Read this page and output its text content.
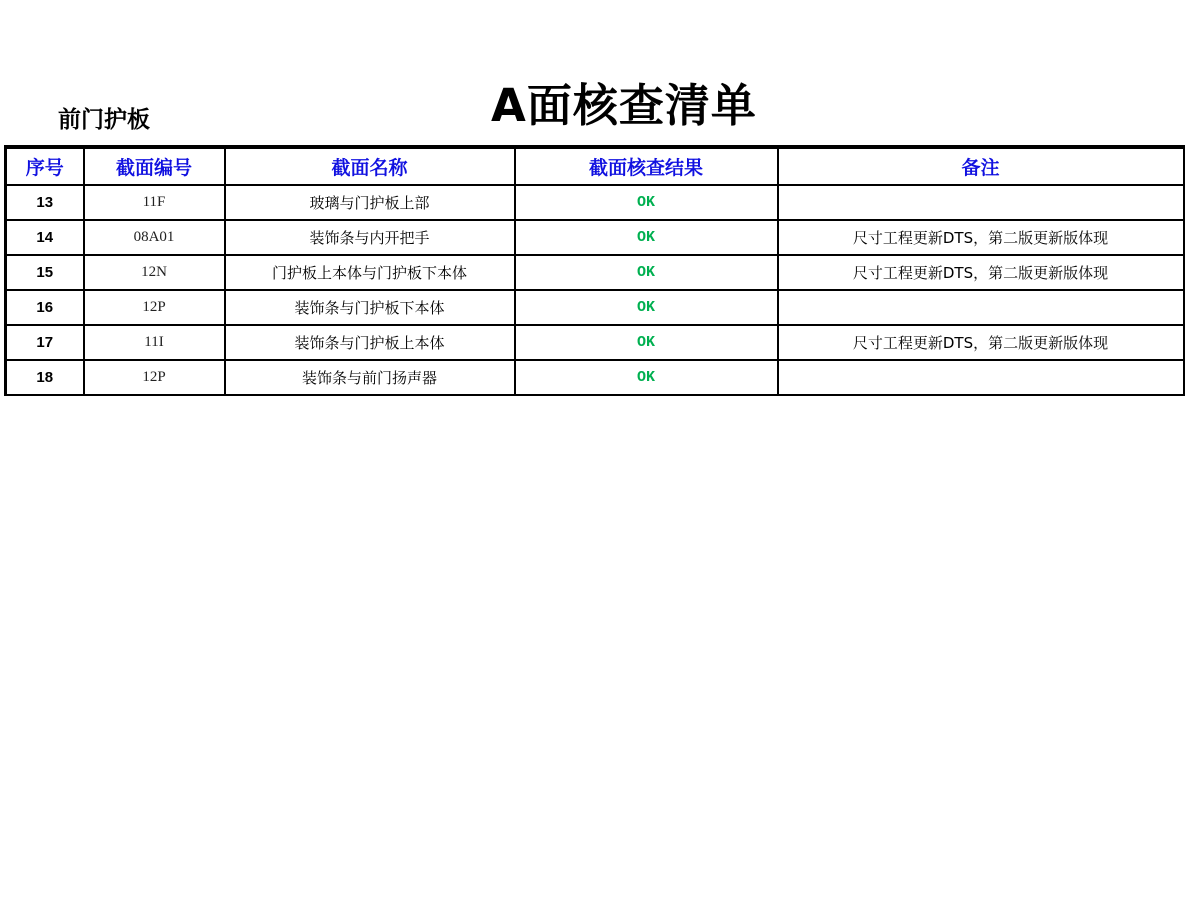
前门护板	A面核查清单
序号	截面编号	截面名称	截面核查结果	备注
13	11F	玻璃与门护板上部	OK	
14	08A01	装饰条与内开把手	OK	尺寸工程更新DTS，第二版更新版体现
15	12N	门护板上本体与门护板下本体	OK	尺寸工程更新DTS，第二版更新版体现
16	12P	装饰条与门护板下本体	OK	
17	11I	装饰条与门护板上本体	OK	尺寸工程更新DTS，第二版更新版体现
18	12P	装饰条与前门扬声器	OK	
